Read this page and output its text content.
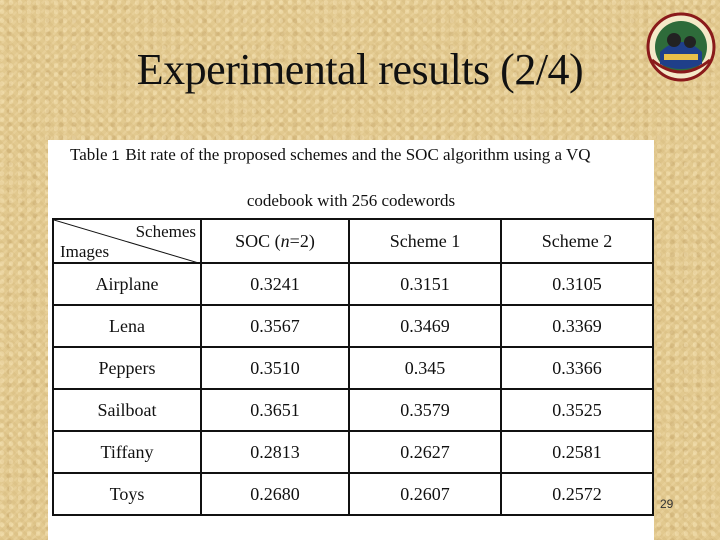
Experimental results (2/4)
Table 1 Bit rate of the proposed schemes and the SOC algorithm using a VQ
codebook with 256 codewords
Schemes
Images	SOC (n=2)	Scheme 1	Scheme 2
Airplane	0.3241	0.3151	0.3105
Lena	0.3567	0.3469	0.3369
Peppers	0.3510	0.345	0.3366
Sailboat	0.3651	0.3579	0.3525
Tiffany	0.2813	0.2627	0.2581
Toys	0.2680	0.2607	0.2572
29
